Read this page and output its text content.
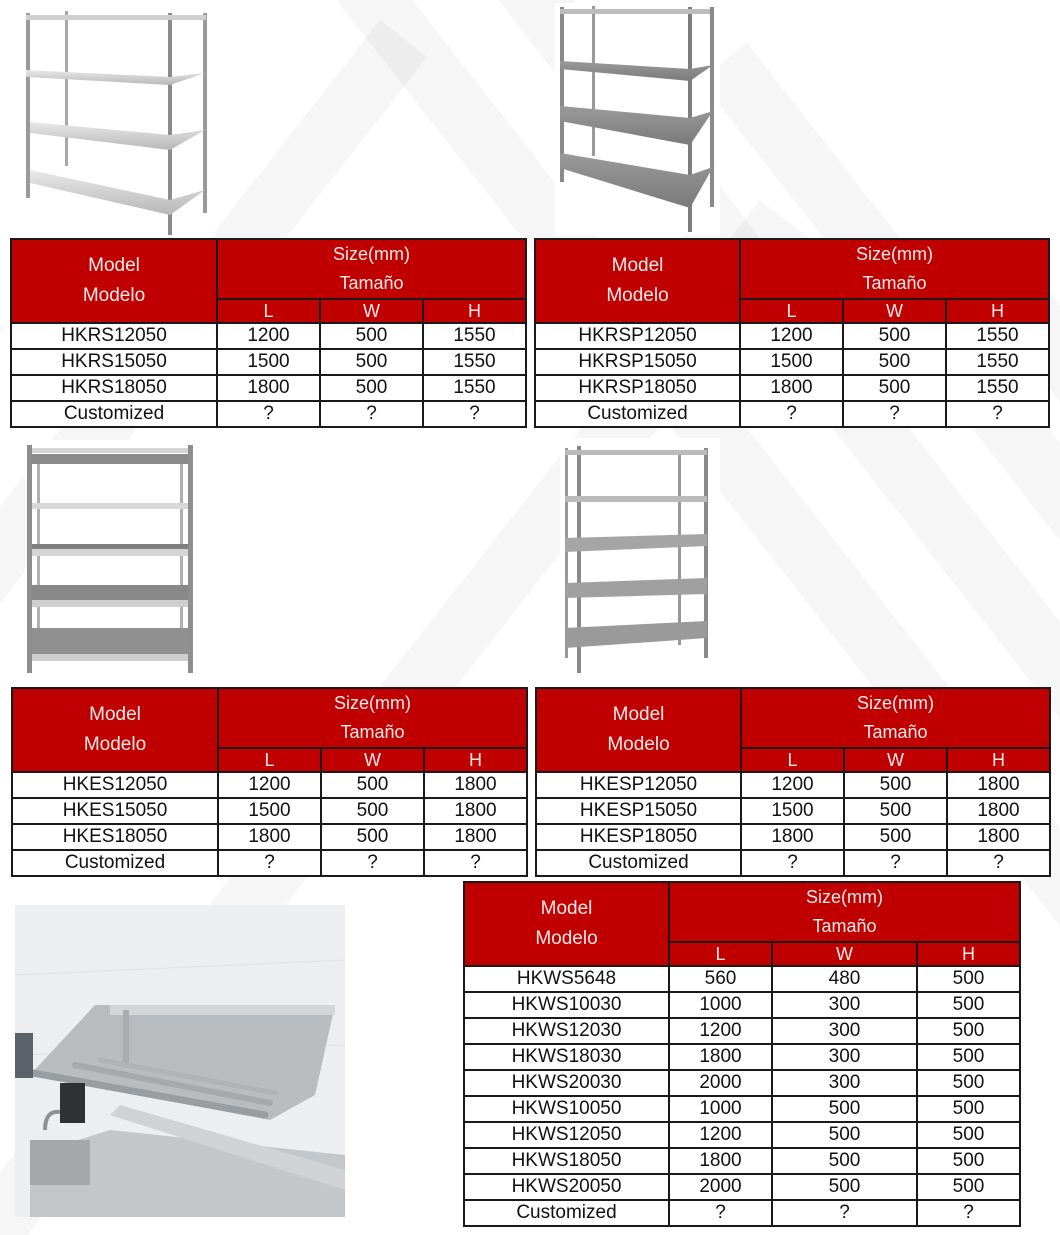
Model
Modelo	Size(mm)
Tamaño		

	L	W	H
HKRS12050	1200	500	1550
HKRS15050	1500	500	1550
HKRS18050	1800	500	1550
Customized	?	?	?
Model
Modelo	Size(mm)
Tamaño		

	L	W	H
HKRSP12050	1200	500	1550
HKRSP15050	1500	500	1550
HKRSP18050	1800	500	1550
Customized	?	?	?
Model
Modelo	Size(mm)
Tamaño		

	L	W	H
HKES12050	1200	500	1800
HKES15050	1500	500	1800
HKES18050	1800	500	1800
Customized	?	?	?
Model
Modelo	Size(mm)
Tamaño		

	L	W	H
HKESP12050	1200	500	1800
HKESP15050	1500	500	1800
HKESP18050	1800	500	1800
Customized	?	?	?
Model
Modelo	Size(mm)
Tamaño		

	L	W	H
HKWS5648	560	480	500
HKWS10030	1000	300	500
HKWS12030	1200	300	500
HKWS18030	1800	300	500
HKWS20030	2000	300	500
HKWS10050	1000	500	500
HKWS12050	1200	500	500
HKWS18050	1800	500	500
HKWS20050	2000	500	500
Customized	?	?	?
